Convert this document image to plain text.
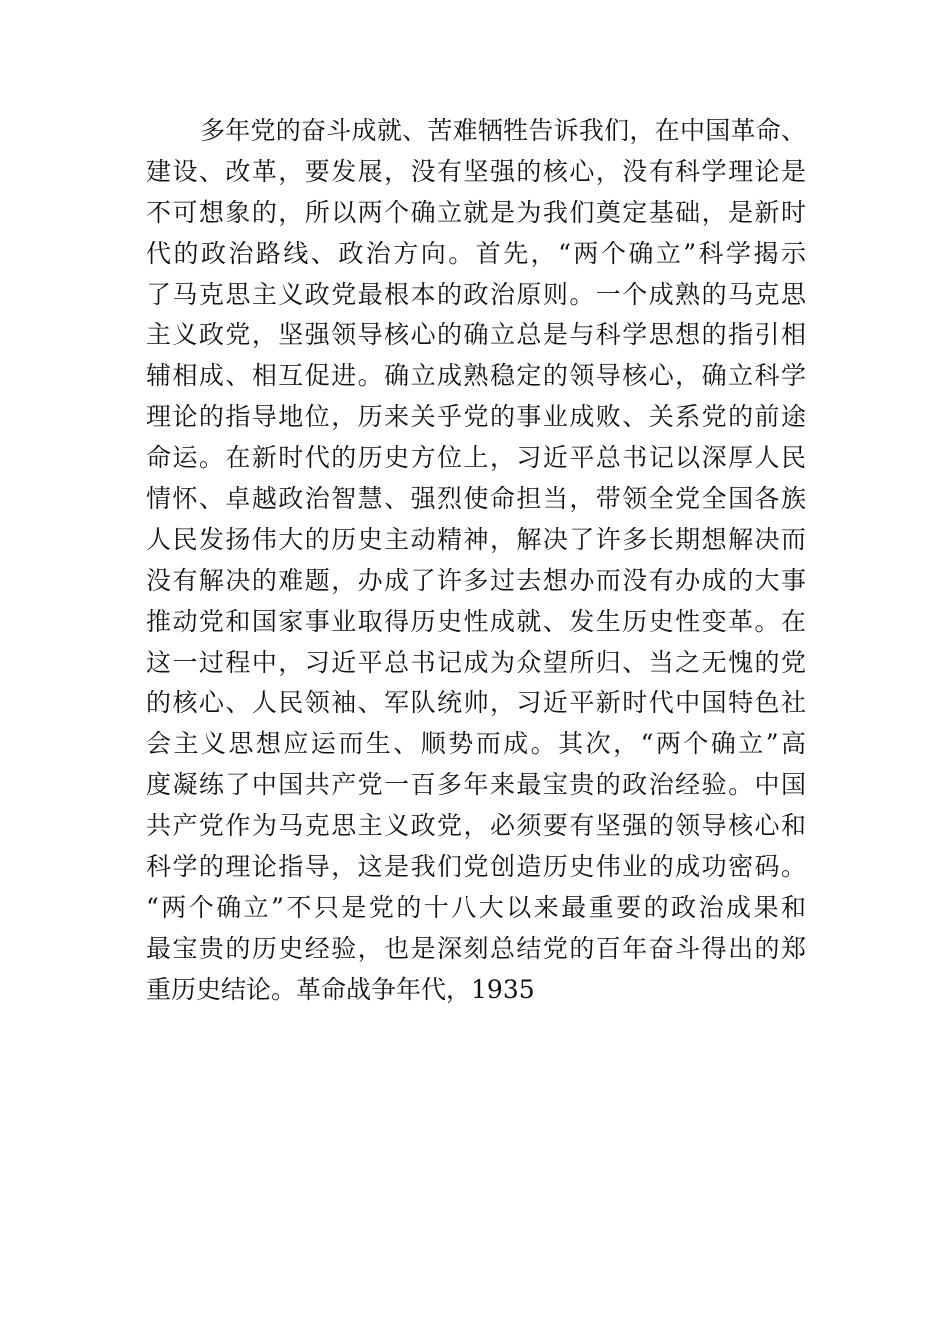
多年党的奋斗成就、苦难牺牲告诉我们，在中国革命、
建设、改革，要发展，没有坚强的核心，没有科学理论是
不可想象的，所以两个确立就是为我们奠定基础，是新时
代的政治路线、政治方向。首先，“两个确立”科学揭示
了马克思主义政党最根本的政治原则。一个成熟的马克思
主义政党，坚强领导核心的确立总是与科学思想的指引相
辅相成、相互促进。确立成熟稳定的领导核心，确立科学
理论的指导地位，历来关乎党的事业成败、关系党的前途
命运。在新时代的历史方位上，习近平总书记以深厚人民
情怀、卓越政治智慧、强烈使命担当，带领全党全国各族
人民发扬伟大的历史主动精神，解决了许多长期想解决而
没有解决的难题，办成了许多过去想办而没有办成的大事
推动党和国家事业取得历史性成就、发生历史性变革。在
这一过程中，习近平总书记成为众望所归、当之无愧的党
的核心、人民领袖、军队统帅，习近平新时代中国特色社
会主义思想应运而生、顺势而成。其次，“两个确立”高
度凝练了中国共产党一百多年来最宝贵的政治经验。中国
共产党作为马克思主义政党，必须要有坚强的领导核心和
科学的理论指导，这是我们党创造历史伟业的成功密码。
“两个确立”不只是党的十八大以来最重要的政治成果和
最宝贵的历史经验，也是深刻总结党的百年奋斗得出的郑
重历史结论。革命战争年代，1935
